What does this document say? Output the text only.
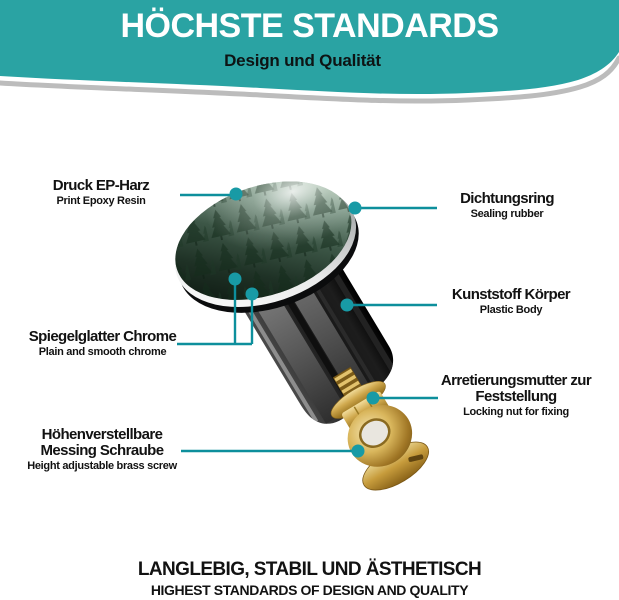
HÖCHSTE STANDARDS
Design und Qualität
Druck EP-Harz
Print Epoxy Resin	Dichtungsring
Sealing rubber
Kunststoff Körper
Plastic Body
Spiegelglatter Chrome
Plain and smooth chrome
Arretierungsmutter zur Feststellung
Locking nut for fixing
Höhenverstellbare Messing Schraube
Height adjustable brass screw
LANGLEBIG, STABIL UND ÄSTHETISCH
HIGHEST STANDARDS OF DESIGN AND QUALITY
